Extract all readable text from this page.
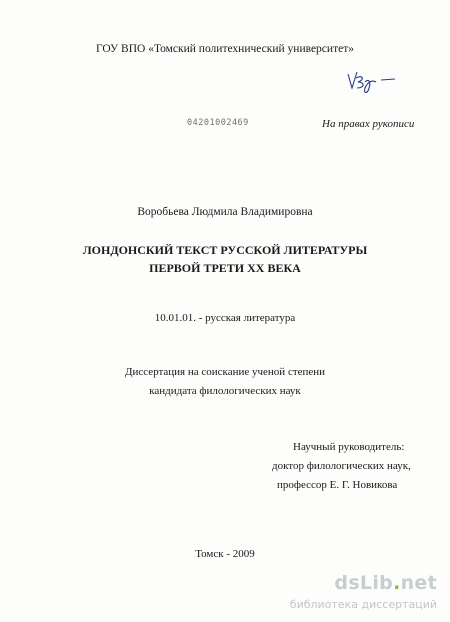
ГОУ ВПО «Томский политехнический университет»
04201002469	На правах рукописи
Воробьева Людмила Владимировна
ЛОНДОНСКИЙ ТЕКСТ РУССКОЙ ЛИТЕРАТУРЫ
ПЕРВОЙ ТРЕТИ XX ВЕКА
10.01.01. - русская литература
Диссертация на соискание ученой степени
кандидата филологических наук
Научный руководитель:
доктор филологических наук,
профессор Е. Г. Новикова
Томск - 2009
dsLib.net
библиотека диссертаций
